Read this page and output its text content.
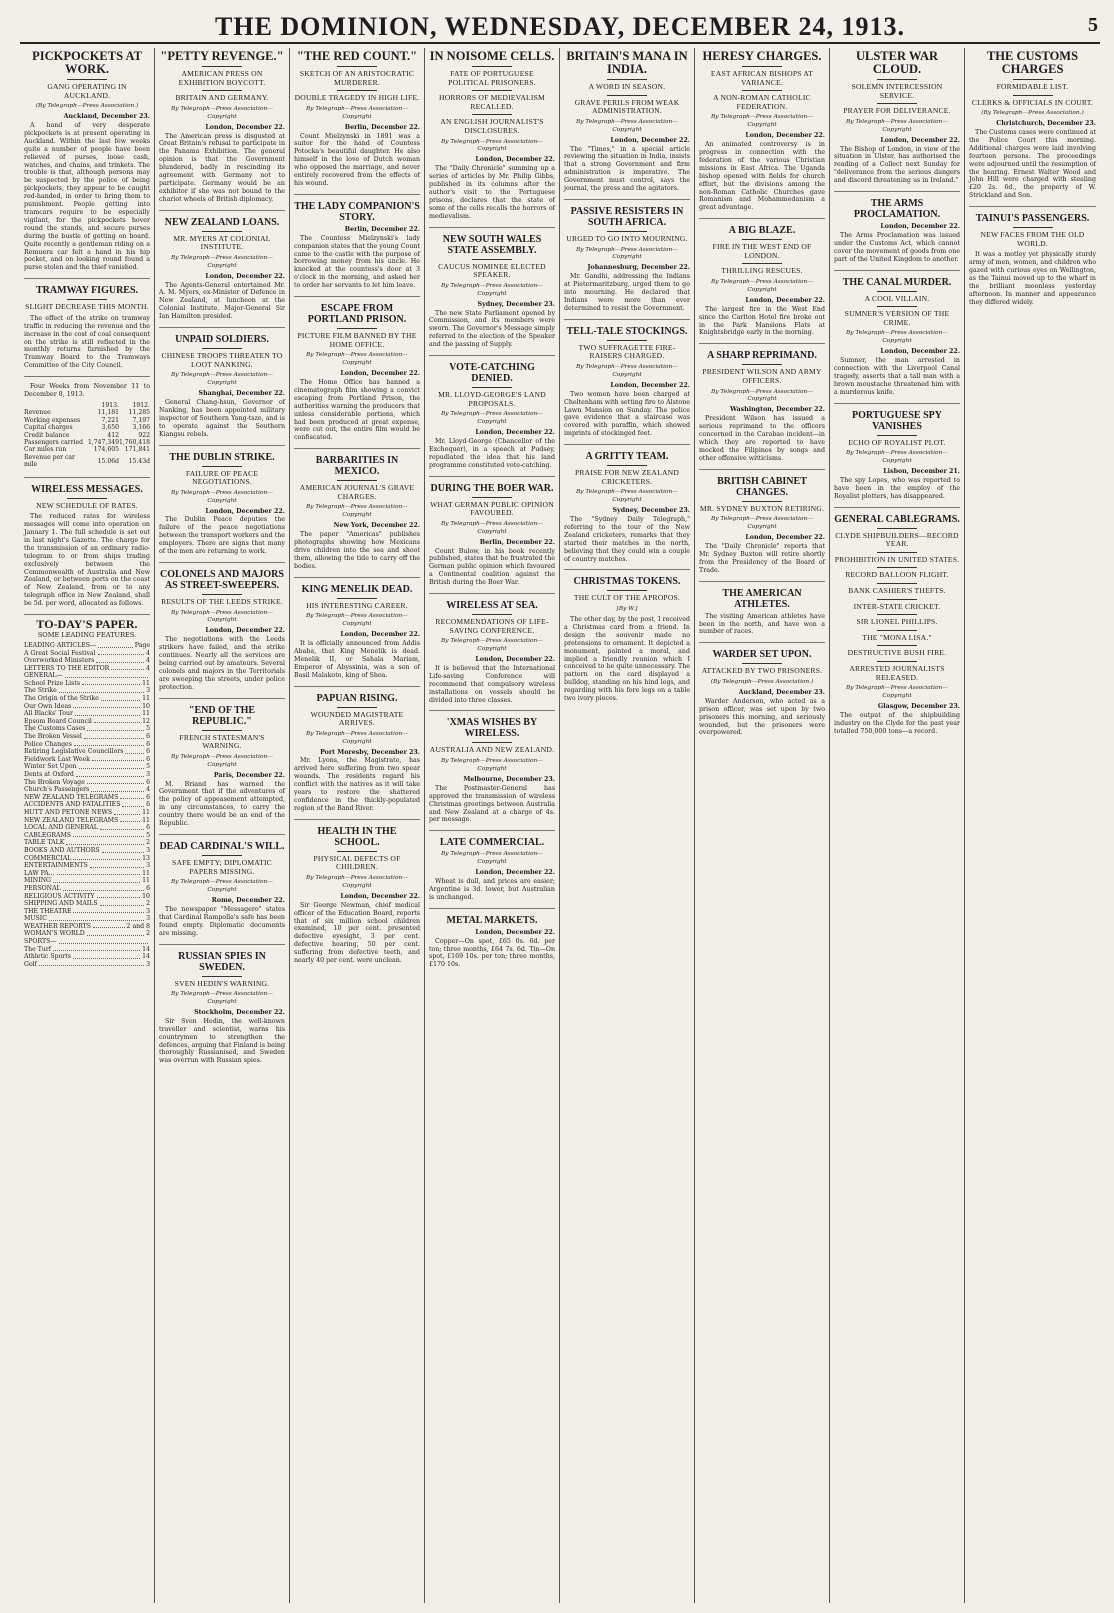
THE DOMINION, WEDNESDAY, DECEMBER 24, 1913.	5
PICKPOCKETS AT WORK.
GANG OPERATING IN AUCKLAND.
(By Telegraph—Press Association.)
Auckland, December 23.

A band of very desperate pickpockets is at present operating in Auckland. Within the last few weeks quite a number of people have been relieved of purses, loose cash, watches, and chains, and trinkets. The trouble is that, although persons may be suspected by the police of being pickpockets, they appear to be caught red-handed, in order to bring them to punishment. People getting into tramcars require to be especially vigilant, for the pickpockets hover round the stands, and secure purses during the bustle of getting on board. Quite recently a gentleman riding on a Remuera car felt a hand in his hip pocket, and on looking round found a purse stolen and the thief vanished.

TRAMWAY FIGURES.
SLIGHT DECREASE THIS MONTH.

The effect of the strike on tramway traffic in reducing the revenue and the increase in the cost of coal consequent on the strike is still reflected in the monthly returns furnished by the Tramway Board to the Tramways Committee of the City Council.

Four Weeks from November 11 to December 8, 1913.

	1913.	1912.
Revenue	11,181	11,285
Working expenses	7,221	7,197
Capital charges	3,650	3,166
Credit balance	412	922
Passengers carried	1,747,349	1,760,418
Car miles run	174,605	171,841
Revenue per car mile	15.06d	15.43d
WIRELESS MESSAGES.
NEW SCHEDULE OF RATES.

The reduced rates for wireless messages will come into operation on January 1. The full schedule is set out in last night's Gazette. The charge for the transmission of an ordinary radio-telegram to or from ships trading exclusively between the Commonwealth of Australia and New Zealand, or between ports on the coast of New Zealand, from or to any telegraph office in New Zealand, shall be 5d. per word, allocated as follows.

TO-DAY'S PAPER.
SOME LEADING FEATURES.
LEADING ARTICLES—	Page
A Great Social Festival	4
Overworked Ministers	4
LETTERS TO THE EDITOR	4
GENERAL—
School Prize Lists	11
The Strike	3
The Origin of the Strike	11
Our Own Ideas	10
All Blacks' Tour	11
Epsom Board Council	12
The Customs Cases	5
The Broken Vessel	6
Police Changes	6
Retiring Legislative Councillors	6
Fieldwork Last Week	6
Winter Set Upon	5
Dents at Oxford	3
The Broken Voyage	6
Church's Passengers	4
NEW ZEALAND TELEGRAMS	6
ACCIDENTS AND FATALITIES	6
HUTT AND PETONE NEWS	11
NEW ZEALAND TELEGRAMS	11
LOCAL AND GENERAL	6
CABLEGRAMS	5
TABLE TALK	2
BOOKS AND AUTHORS	3
COMMERCIAL	13
ENTERTAINMENTS	3
LAW PA...	11
MINING	11
PERSONAL	6
RELIGIOUS ACTIVITY	10
SHIPPING AND MAILS	2
THE THEATRE	3
MUSIC	3
WEATHER REPORTS	2 and 8
WOMAN'S WORLD	2
SPORTS—
The Turf	14
Athletic Sports	14
Golf	3
"PETTY REVENGE."
AMERICAN PRESS ON EXHIBITION BOYCOTT.
BRITAIN AND GERMANY.
By Telegraph—Press Association—Copyright
London, December 22.

The American press is disgusted at Great Britain's refusal to participate in the Panama Exhibition. The general opinion is that the Government blundered, badly in rescinding its agreement with Germany not to participate. Germany would be an exhibitor if she was not bound to the chariot wheels of British diplomacy.

NEW ZEALAND LOANS.
MR. MYERS AT COLONIAL INSTITUTE.
By Telegraph—Press Association—Copyright
London, December 22.

The Agents-General entertained Mr. A. M. Myers, ex-Minister of Defence in New Zealand, at luncheon at the Colonial Institute. Major-General Sir Ian Hamilton presided.

UNPAID SOLDIERS.
CHINESE TROOPS THREATEN TO LOOT NANKING.
By Telegraph—Press Association—Copyright
Shanghai, December 22.

General Chang-hsun, Governor of Nanking, has been appointed military inspector of Southern Yang-tsze, and is to operate against the Southern Kiangsu rebels.

THE DUBLIN STRIKE.
FAILURE OF PEACE NEGOTIATIONS.
By Telegraph—Press Association—Copyright
London, December 22.

The Dublin Peace deputies the failure of the peace negotiations between the transport workers and the employers. There are signs that many of the men are returning to work.

COLONELS AND MAJORS AS STREET-SWEEPERS.
RESULTS OF THE LEEDS STRIKE.
By Telegraph—Press Association—Copyright
London, December 22.

The negotiations with the Leeds strikers have failed, and the strike continues. Nearly all the services are being carried out by amateurs. Several colonels and majors in the Territorials are sweeping the streets, under police protection.

"END OF THE REPUBLIC."
FRENCH STATESMAN'S WARNING.
By Telegraph—Press Association—Copyright
Paris, December 22.

M. Briand has warned the Government that if the adventures of the policy of appeasement attempted, in any circumstances, to carry the country there would be an end of the Republic.

DEAD CARDINAL'S WILL.
SAFE EMPTY; DIPLOMATIC PAPERS MISSING.
By Telegraph—Press Association—Copyright
Rome, December 22.

The newspaper "Messagero" states that Cardinal Rampolla's safe has been found empty. Diplomatic documents are missing.

RUSSIAN SPIES IN SWEDEN.
SVEN HEDIN'S WARNING.
By Telegraph—Press Association—Copyright
Stockholm, December 22.

Sir Sven Hedin, the well-known traveller and scientist, warns his countrymen to strengthen the defences, arguing that Finland is being thoroughly Russianised, and Sweden was overrun with Russian spies.

"THE RED COUNT."
SKETCH OF AN ARISTOCRATIC MURDERER.
DOUBLE TRAGEDY IN HIGH LIFE.
By Telegraph—Press Association—Copyright
Berlin, December 22.

Count Mielzynski in 1891 was a suitor for the hand of Countess Potocka's beautiful daughter. He also himself in the love of Dutch woman who opposed the marriage, and never entirely recovered from the effects of his wound.

THE LADY COMPANION'S STORY.
Berlin, December 22.

The Countess Mielzynski's lady companion states that the young Count came to the castle with the purpose of borrowing money from his uncle. He knocked at the countess's door at 3 o'clock in the morning, and asked her to order her servants to let him leave.

ESCAPE FROM PORTLAND PRISON.
PICTURE FILM BANNED BY THE HOME OFFICE.
By Telegraph—Press Association—Copyright
London, December 22.

The Home Office has banned a cinematograph film showing a convict escaping from Portland Prison, the authorities warning the producers that unless considerable portions, which had been produced at great expense, were cut out, the entire film would be confiscated.

BARBARITIES IN MEXICO.
AMERICAN JOURNAL'S GRAVE CHARGES.
By Telegraph—Press Association—Copyright
New York, December 22.

The paper "Americas" publishes photographs showing how Mexicans drive children into the sea and shoot them, allowing the tide to carry off the bodies.

KING MENELIK DEAD.
HIS INTERESTING CAREER.
By Telegraph—Press Association—Copyright
London, December 22.

It is officially announced from Addis Ababa, that King Menelik is dead. Menelik II, or Sahala Mariam, Emperor of Abyssinia, was a son of Basil Malakote, king of Shoa.

PAPUAN RISING.
WOUNDED MAGISTRATE ARRIVES.
By Telegraph—Press Association—Copyright
Port Moresby, December 23.

Mr. Lyons, the Magistrate, has arrived here suffering from two spear wounds. The residents regard his conflict with the natives as it will take years to restore the shattered confidence in the thickly-populated region of the Band River.

HEALTH IN THE SCHOOL.
PHYSICAL DEFECTS OF CHILDREN.
By Telegraph—Press Association—Copyright
London, December 22.

Sir George Newman, chief medical officer of the Education Board, reports that of six million school children examined, 10 per cent. presented defective eyesight, 3 per cent. defective hearing, 50 per cent. suffering from defective teeth, and nearly 40 per cent. were unclean.

IN NOISOME CELLS.
FATE OF PORTUGUESE POLITICAL PRISONERS.
HORRORS OF MEDIEVALISM RECALLED.
AN ENGLISH JOURNALIST'S DISCLOSURES.
By Telegraph—Press Association—Copyright
London, December 22.

The "Daily Chronicle" summing up a series of articles by Mr. Philip Gibbs, published in its columns after the author's visit to the Portuguese prisons, declares that the state of some of the cells recalls the horrors of medievalism.

NEW SOUTH WALES STATE ASSEMBLY.
CAUCUS NOMINEE ELECTED SPEAKER.
By Telegraph—Press Association—Copyright
Sydney, December 23.

The new State Parliament opened by Commission, and its members were sworn. The Governor's Message simply referred to the election of the Speaker and the passing of Supply.

VOTE-CATCHING DENIED.
MR. LLOYD-GEORGE'S LAND PROPOSALS.
By Telegraph—Press Association—Copyright
London, December 22.

Mr. Lloyd-George (Chancellor of the Exchequer), in a speech at Pudsey, repudiated the idea that his land programme constituted vote-catching.

DURING THE BOER WAR.
WHAT GERMAN PUBLIC OPINION FAVOURED.
By Telegraph—Press Association—Copyright
Berlin, December 22.

Count Bulow, in his book recently published, states that he frustrated the German public opinion which favoured a Continental coalition against the British during the Boer War.

WIRELESS AT SEA.
RECOMMENDATIONS OF LIFE-SAVING CONFERENCE.
By Telegraph—Press Association—Copyright
London, December 22.

It is believed that the International Life-saving Conference will recommend that compulsory wireless installations on vessels should be divided into three classes.

'XMAS WISHES BY WIRELESS.
AUSTRALIA AND NEW ZEALAND.
By Telegraph—Press Association—Copyright
Melbourne, December 23.

The Postmaster-General has approved the transmission of wireless Christmas greetings between Australia and New Zealand at a charge of 4s. per message.

LATE COMMERCIAL.
By Telegraph—Press Association—Copyright
London, December 22.

Wheat is dull, and prices are easier; Argentine is 3d. lower, but Australian is unchanged.

METAL MARKETS.
London, December 22.

Copper—On spot, £65 0s. 6d. per ton; three months, £64 7s. 6d. Tin—On spot, £169 10s. per ton; three months, £170 10s.

BRITAIN'S MANA IN INDIA.
A WORD IN SEASON.
GRAVE PERILS FROM WEAK ADMINISTRATION.
By Telegraph—Press Association—Copyright
London, December 22.

The "Times," in a special article reviewing the situation in India, insists that a strong Government and firm administration is imperative. The Government must control, says the journal, the press and the agitators.

PASSIVE RESISTERS IN SOUTH AFRICA.
URGED TO GO INTO MOURNING.
By Telegraph—Press Association—Copyright
Johannesburg, December 22.

Mr. Gandhi, addressing the Indians at Pietermaritzburg, urged them to go into mourning. He declared that Indians were more than ever determined to resist the Government.

TELL-TALE STOCKINGS.
TWO SUFFRAGETTE FIRE-RAISERS CHARGED.
By Telegraph—Press Association—Copyright
London, December 22.

Two women have been charged at Cheltenham with setting fire to Alstone Lawn Mansion on Sunday. The police gave evidence that a staircase was covered with paraffin, which showed imprints of stockinged feet.

A GRITTY TEAM.
PRAISE FOR NEW ZEALAND CRICKETERS.
By Telegraph—Press Association—Copyright
Sydney, December 23.

The "Sydney Daily Telegraph," referring to the tour of the New Zealand cricketers, remarks that they started their matches in the north, believing that they could win a couple of country matches.

CHRISTMAS TOKENS.
THE CULT OF THE APROPOS.
[By W.]

The other day, by the post, I received a Christmas card from a friend. In design the souvenir made no pretensions to ornament. It depicted a monument, painted a moral, and implied a friendly reunion which I conceived to be quite unnecessary. The pattern on the card displayed a bulldog, standing on his hind legs, and regarding with his fore legs on a table two ivory pieces.

HERESY CHARGES.
EAST AFRICAN BISHOPS AT VARIANCE.
A NON-ROMAN CATHOLIC FEDERATION.
By Telegraph—Press Association—Copyright
London, December 22.

An animated controversy is in progress in connection with the federation of the various Christian missions in East Africa. The Uganda bishop opened with fields for church effort, but the divisions among the non-Roman Catholic Churches gave Romanism and Mohammedanism a great advantage.

A BIG BLAZE.
FIRE IN THE WEST END OF LONDON.
THRILLING RESCUES.
By Telegraph—Press Association—Copyright
London, December 22.

The largest fire in the West End since the Carlton Hotel fire broke out in the Park Mansions Flats at Knightsbridge early in the morning.

A SHARP REPRIMAND.
PRESIDENT WILSON AND ARMY OFFICERS.
By Telegraph—Press Association—Copyright
Washington, December 22.

President Wilson has issued a serious reprimand to the officers concerned in the Carabao incident—in which they are reported to have mocked the Filipinos by songs and other offensive witticisms.

BRITISH CABINET CHANGES.
MR. SYDNEY BUXTON RETIRING.
By Telegraph—Press Association—Copyright
London, December 22.

The "Daily Chronicle" reports that Mr. Sydney Buxton will retire shortly from the Presidency of the Board of Trade.

THE AMERICAN ATHLETES.

The visiting American athletes have been in the north, and have won a number of races.

WARDER SET UPON.
ATTACKED BY TWO PRISONERS.
(By Telegraph—Press Association.)
Auckland, December 23.

Warder Anderson, who acted as a prison officer, was set upon by two prisoners this morning, and seriously wounded, but the prisoners were overpowered.

ULSTER WAR CLOUD.
SOLEMN INTERCESSION SERVICE.
PRAYER FOR DELIVERANCE.
By Telegraph—Press Association—Copyright
London, December 22.

The Bishop of London, in view of the situation in Ulster, has authorised the reading of a Collect next Sunday for "deliverance from the serious dangers and discord threatening us in Ireland."

THE ARMS PROCLAMATION.
London, December 22.

The Arms Proclamation was issued under the Customs Act, which cannot cover the movement of goods from one part of the United Kingdom to another.

THE CANAL MURDER.
A COOL VILLAIN.
SUMNER'S VERSION OF THE CRIME.
By Telegraph—Press Association—Copyright
London, December 22.

Sumner, the man arrested in connection with the Liverpool Canal tragedy, asserts that a tall man with a brown moustache threatened him with a murderous knife.

PORTUGUESE SPY VANISHES
ECHO OF ROYALIST PLOT.
By Telegraph—Press Association—Copyright
Lisbon, December 21.

The spy Lopes, who was reported to have been in the employ of the Royalist plotters, has disappeared.

GENERAL CABLEGRAMS.
CLYDE SHIPBUILDERS—RECORD YEAR.
PROHIBITION IN UNITED STATES.
RECORD BALLOON FLIGHT.
BANK CASHIER'S THEFTS.
INTER-STATE CRICKET.
SIR LIONEL PHILLIPS.
THE "MONA LISA."
DESTRUCTIVE BUSH FIRE.
ARRESTED JOURNALISTS RELEASED.
By Telegraph—Press Association—Copyright
Glasgow, December 23.

The output of the shipbuilding industry on the Clyde for the past year totalled 750,000 tons—a record.

THE CUSTOMS CHARGES
FORMIDABLE LIST.
CLERKS & OFFICIALS IN COURT.
(By Telegraph—Press Association.)
Christchurch, December 23.

The Customs cases were continued at the Police Court this morning. Additional charges were laid involving fourteen persons. The proceedings were adjourned until the resumption of the hearing. Ernest Walter Wood and John Hill were charged with stealing £20 2s. 6d., the property of W. Strickland and Son.

TAINUI'S PASSENGERS.
NEW FACES FROM THE OLD WORLD.

It was a motley yet physically sturdy army of men, women, and children who gazed with curious eyes on Wellington, as the Tainui moved up to the wharf in the brilliant moonless yesterday afternoon. In manner and appearance they differed widely.
